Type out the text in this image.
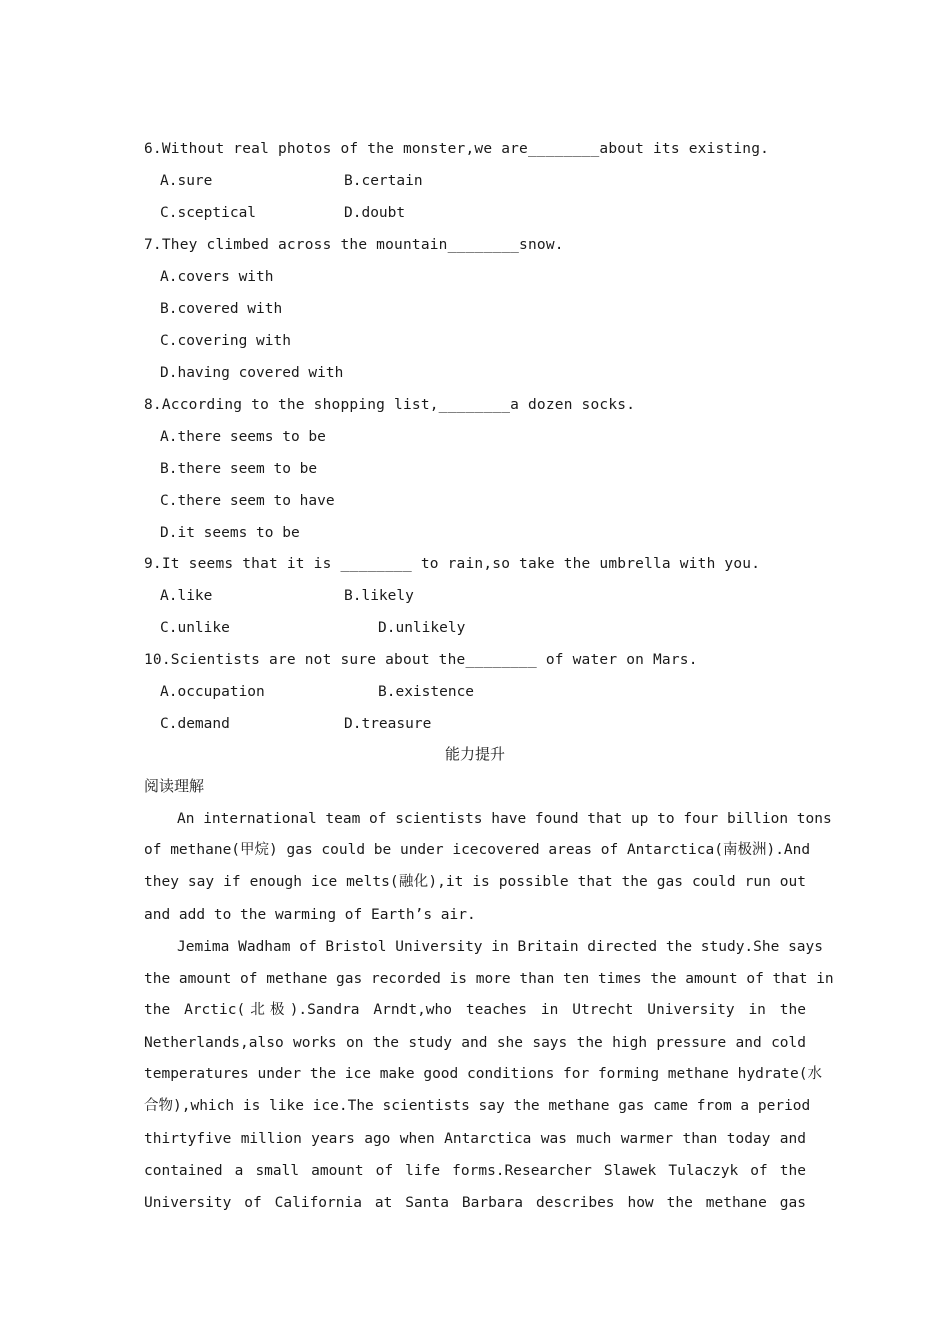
6.Without real photos of the monster,we are________about its existing.
A.sure	B.certain
C.sceptical	D.doubt
7.They climbed across the mountain________snow.
A.covers with
B.covered with
C.covering with
D.having covered with
8.According to the shopping list,________a dozen socks.
A.there seems to be
B.there seem to be
C.there seem to have
D.it seems to be
9.It seems that it is ________ to rain,so take the umbrella with you.
A.like	B.likely
C.unlike	D.unlikely
10.Scientists are not sure about the________ of water on Mars.
A.occupation	B.existence
C.demand	D.treasure
能力提升
阅读理解
An international team of scientists have found that up to four billion tons
of methane(甲烷) gas could be under icecovered areas of Antarctica(南极洲).And
they say if enough ice melts(融化),it is possible that the gas could run out
and add to the warming of Earth’s air.
Jemima Wadham of Bristol University in Britain directed the study.She says
the amount of methane gas recorded is more than ten times the amount of that in
the Arctic(北极).Sandra Arndt,who teaches in Utrecht University in the
Netherlands,also works on the study and she says the high pressure and cold
temperatures under the ice make good conditions for forming methane hydrate(水
合物),which is like ice.The scientists say the methane gas came from a period
thirtyfive million years ago when Antarctica was much warmer than today and
contained a small amount of life forms.Researcher Slawek Tulaczyk of the
University of California at Santa Barbara describes how the methane gas
